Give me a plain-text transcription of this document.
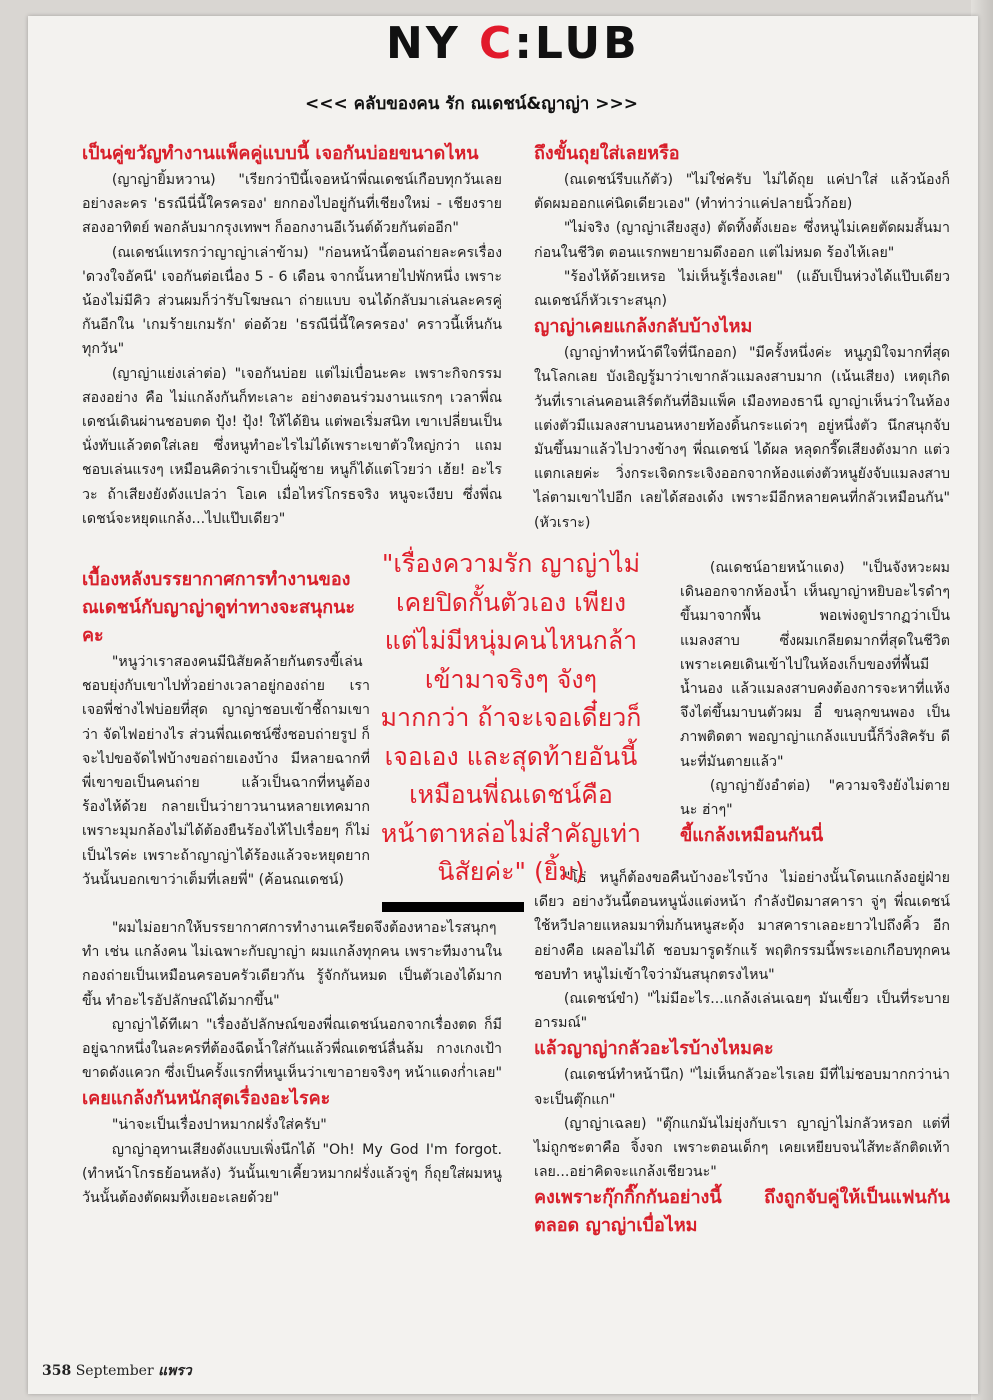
NY C:LUB
<<< คลับของคน รัก ณเดชน์&ญาญ่า >>>
เป็นคู่ขวัญทำงานแพ็คคู่แบบนี้ เจอกันบ่อยขนาดไหน

(ญาญ่ายิ้มหวาน) "เรียกว่าปีนี้เจอหน้าพี่ณเดชน์เกือบทุกวันเลย อย่างละคร 'ธรณีนี่นี้ใครครอง' ยกกองไปอยู่กันที่เชียงใหม่ - เชียงราย สองอาทิตย์ พอกลับมากรุงเทพฯ ก็ออกงานอีเว้นต์ด้วยกันต่ออีก"

(ณเดชน์แทรกว่าญาญ่าเล่าข้าม) "ก่อนหน้านี้ตอนถ่ายละครเรื่อง 'ดวงใจอัคนี' เจอกันต่อเนื่อง 5 - 6 เดือน จากนั้นหายไปพักหนึ่ง เพราะน้องไม่มีคิว ส่วนผมก็ว่ารับโฆษณา ถ่ายแบบ จนได้กลับมาเล่นละครคู่กันอีกใน 'เกมร้ายเกมรัก' ต่อด้วย 'ธรณีนี่นี้ใครครอง' คราวนี้เห็นกันทุกวัน"

(ญาญ่าแย่งเล่าต่อ) "เจอกันบ่อย แต่ไม่เบื่อนะคะ เพราะกิจกรรมสองอย่าง คือ ไม่แกล้งกันก็ทะเลาะ อย่างตอนร่วมงานแรกๆ เวลาพี่ณเดชน์เดินผ่านชอบตด ปุ้ง! ปุ้ง! ให้ได้ยิน แต่พอเริ่มสนิท เขาเปลี่ยนเป็นนั่งทับแล้วตดใส่เลย ซึ่งหนูทำอะไรไม่ได้เพราะเขาตัวใหญ่กว่า แถมชอบเล่นแรงๆ เหมือนคิดว่าเราเป็นผู้ชาย หนูก็ได้แต่โวยว่า เฮ้ย! อะไรวะ ถ้าเสียงยังดังแปลว่า โอเค เมื่อไหร่โกรธจริง หนูจะเงียบ ซึ่งพี่ณเดชน์จะหยุดแกล้ง...ไปแป๊บเดียว"

เบื้องหลังบรรยากาศการทำงานของ
ณเดชน์กับญาญ่าดูท่าทางจะสนุกนะคะ

"หนูว่าเราสองคนมีนิสัยคล้ายกันตรงขี้เล่น ชอบยุ่งกับเขาไปทั่วอย่างเวลาอยู่กองถ่าย เราเจอพี่ช่างไฟบ่อยที่สุด ญาญ่าชอบเข้าชี้ถามเขาว่า จัดไฟอย่างไร ส่วนพี่ณเดชน์ซึ่งชอบถ่ายรูป ก็จะไปขอจัดไฟบ้างขอถ่ายเองบ้าง มีหลายฉากที่พี่เขาขอเป็นคนถ่าย แล้วเป็นฉากที่หนูต้องร้องไห้ด้วย กลายเป็นว่ายาวนานหลายเทคมาก เพราะมุมกล้องไม่ได้ต้องยืนร้องไห้ไปเรื่อยๆ ก็ไม่เป็นไรค่ะ เพราะถ้าญาญ่าได้ร้องแล้วจะหยุดยาก วันนั้นบอกเขาว่าเต็มที่เลยพี่" (ค้อนณเดชน์)

"ผมไม่อยากให้บรรยากาศการทำงานเครียดจึงต้องหาอะไรสนุกๆ ทำ เช่น แกล้งคน ไม่เฉพาะกับญาญ่า ผมแกล้งทุกคน เพราะทีมงานในกองถ่ายเป็นเหมือนครอบครัวเดียวกัน รู้จักกันหมด เป็นตัวเองได้มากขึ้น ทำอะไรอัปลักษณ์ได้มากขึ้น"

ญาญ่าได้ทีเผา "เรื่องอัปลักษณ์ของพี่ณเดชน์นอกจากเรื่องตด ก็มีอยู่ฉากหนึ่งในละครที่ต้องฉีดน้ำใส่กันแล้วพี่ณเดชน์ลื่นล้ม กางเกงเป้าขาดดังแควก ซึ่งเป็นครั้งแรกที่หนูเห็นว่าเขาอายจริงๆ หน้าแดงก่ำเลย"

เคยแกล้งกันหนักสุดเรื่องอะไรคะ

"น่าจะเป็นเรื่องปาหมากฝรั่งใส่ครับ"

ญาญ่าอุทานเสียงดังแบบเพิ่งนึกได้ "Oh! My God I'm forgot. (ทำหน้าโกรธย้อนหลัง) วันนั้นเขาเคี้ยวหมากฝรั่งแล้วจู่ๆ ก็ถุยใส่ผมหนู วันนั้นต้องตัดผมทิ้งเยอะเลยด้วย"

ถึงขั้นถุยใส่เลยหรือ

(ณเดชน์รีบแก้ตัว) "ไม่ใช่ครับ ไม่ได้ถุย แค่ปาใส่ แล้วน้องก็ตัดผมออกแค่นิดเดียวเอง" (ทำท่าว่าแค่ปลายนิ้วก้อย)

"ไม่จริง (ญาญ่าเสียงสูง) ตัดทิ้งตั้งเยอะ ซึ่งหนูไม่เคยตัดผมสั้นมาก่อนในชีวิต ตอนแรกพยายามดึงออก แต่ไม่หมด ร้องไห้เลย"

"ร้องไห้ด้วยเหรอ ไม่เห็นรู้เรื่องเลย" (แอ๊บเป็นห่วงได้แป๊บเดียว ณเดชน์ก็หัวเราะสนุก)

ญาญ่าเคยแกล้งกลับบ้างไหม

(ญาญ่าทำหน้าดีใจที่นึกออก) "มีครั้งหนึ่งค่ะ หนูภูมิใจมากที่สุดในโลกเลย บังเอิญรู้มาว่าเขากลัวแมลงสาบมาก (เน้นเสียง) เหตุเกิดวันที่เราเล่นคอนเสิร์ตกันที่อิมแพ็ค เมืองทองธานี ญาญ่าเห็นว่าในห้องแต่งตัวมีแมลงสาบนอนหงายท้องดิ้นกระแด่วๆ อยู่หนึ่งตัว นึกสนุกจับมันขึ้นมาแล้วไปวางข้างๆ พี่ณเดชน์ ได้ผล หลุดกรี๊ดเสียงดังมาก แต่วแตกเลยค่ะ วิ่งกระเจิดกระเจิงออกจากห้องแต่งตัวหนูยังจับแมลงสาบไล่ตามเขาไปอีก เลยได้สองเด้ง เพราะมีอีกหลายคนที่กลัวเหมือนกัน" (หัวเราะ)

(ณเดชน์อายหน้าแดง) "เป็นจังหวะผมเดินออกจากห้องน้ำ เห็นญาญ่าหยิบอะไรดำๆ ขึ้นมาจากพื้น พอเพ่งดูปรากฏว่าเป็นแมลงสาบ ซึ่งผมเกลียดมากที่สุดในชีวิต เพราะเคยเดินเข้าไปในห้องเก็บของที่พื้นมีน้ำนอง แล้วแมลงสาบคงต้องการจะหาที่แห้ง จึงไต่ขึ้นมาบนตัวผม อี๋ ขนลุกขนพอง เป็นภาพติดตา พอญาญ่าแกล้งแบบนี้ก็วิ่งสิครับ ดีนะที่มันตายแล้ว"

(ญาญ่ายังอำต่อ) "ความจริงยังไม่ตายนะ ฮ่าๆ"

ขี้แกล้งเหมือนกันนี่

"โธ่ หนูก็ต้องขอคืนบ้างอะไรบ้าง ไม่อย่างนั้นโดนแกล้งอยู่ฝ่ายเดียว อย่างวันนี้ตอนหนูนั่งแต่งหน้า กำลังปัดมาสคารา จู่ๆ พี่ณเดชน์ใช้หวีปลายแหลมมาทิ่มก้นหนูสะดุ้ง มาสคาราเลอะยาวไปถึงคิ้ว อีกอย่างคือ เผลอไม่ได้ ชอบมารูดรักแร้ พฤติกรรมนี้พระเอกเกือบทุกคนชอบทำ หนูไม่เข้าใจว่ามันสนุกตรงไหน"

(ณเดชน์ขำ) "ไม่มีอะไร...แกล้งเล่นเฉยๆ มันเขี้ยว เป็นที่ระบายอารมณ์"

แล้วญาญ่ากลัวอะไรบ้างไหมคะ

(ณเดชน์ทำหน้านึก) "ไม่เห็นกลัวอะไรเลย มีที่ไม่ชอบมากกว่าน่าจะเป็นตุ๊กแก"

(ญาญ่าเฉลย) "ตุ๊กแกมันไม่ยุ่งกับเรา ญาญ่าไม่กลัวหรอก แต่ที่ไม่ถูกชะตาคือ จิ้งจก เพราะตอนเด็กๆ เคยเหยียบจนไส้ทะลักติดเท้า เลย...อย่าคิดจะแกล้งเชียวนะ"

คงเพราะกุ๊กกิ๊กกันอย่างนี้ ถึงถูกจับคู่ให้เป็นแฟนกันตลอด ญาญ่าเบื่อไหม
"เรื่องความรัก ญาญ่าไม่เคยปิดกั้นตัวเอง เพียงแต่ไม่มีหนุ่มคนไหนกล้าเข้ามาจริงๆ จังๆ มากกว่า ถ้าจะเจอเดี๋ยวก็เจอเอง และสุดท้ายอันนี้เหมือนพี่ณเดชน์คือหน้าตาหล่อไม่สำคัญเท่านิสัยค่ะ" (ยิ้ม)
358 September แพรว
